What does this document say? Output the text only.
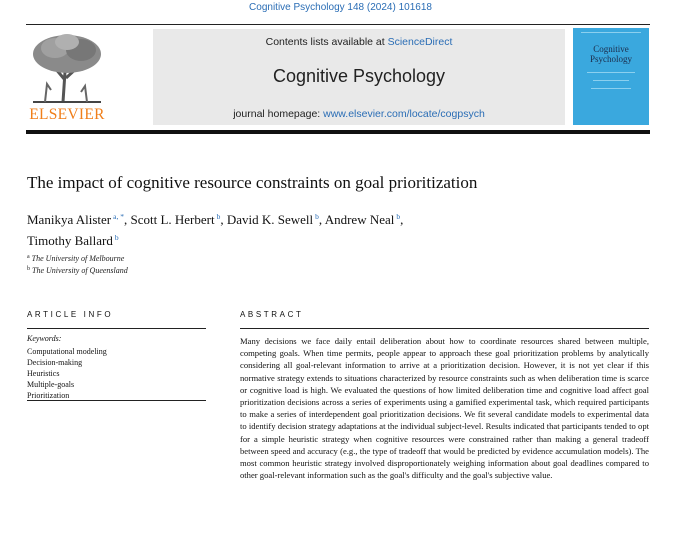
Cognitive Psychology 148 (2024) 101618
ELSEVIER
Contents lists available at ScienceDirect
Cognitive Psychology
journal homepage: www.elsevier.com/locate/cogpsych
Cognitive
Psychology
The impact of cognitive resource constraints on goal prioritization
Manikya Alister $^{a, *}$, Scott L. Herbert $^b$, David K. Sewell $^b$, Andrew Neal $^b$,
Timothy Ballard $^b$
$^a$ The University of Melbourne
$^b$ The University of Queensland
ARTICLE INFO	ABSTRACT
Keywords:
Computational modeling
Decision-making
Heuristics
Multiple-goals
Prioritization
Many decisions we face daily entail deliberation about how to coordinate resources shared between multiple, competing goals. When time permits, people appear to approach these goal prioritization problems by analytically considering all goal-relevant information to arrive at a prioritization decision. However, it is not yet clear if this normative strategy extends to situations characterized by resource constraints such as when deliberation time is scarce or cognitive load is high. We evaluated the questions of how limited deliberation time and cognitive load affect goal prioritization decisions across a series of experiments using a gamified experimental task, which required participants to make a series of interdependent goal prioritization decisions. We fit several candidate models to experimental data to identify decision strategy adaptations at the individual subject-level. Results indicated that participants tended to opt for a simple heuristic strategy when cognitive resources were constrained rather than making a general tradeoff between speed and accuracy (e.g., the type of tradeoff that would be predicted by evidence accumulation models). The most common heuristic strategy involved disproportionately weighing information about goal deadlines compared to other goal-relevant information such as the goal's difficulty and the goal's subjective value.
